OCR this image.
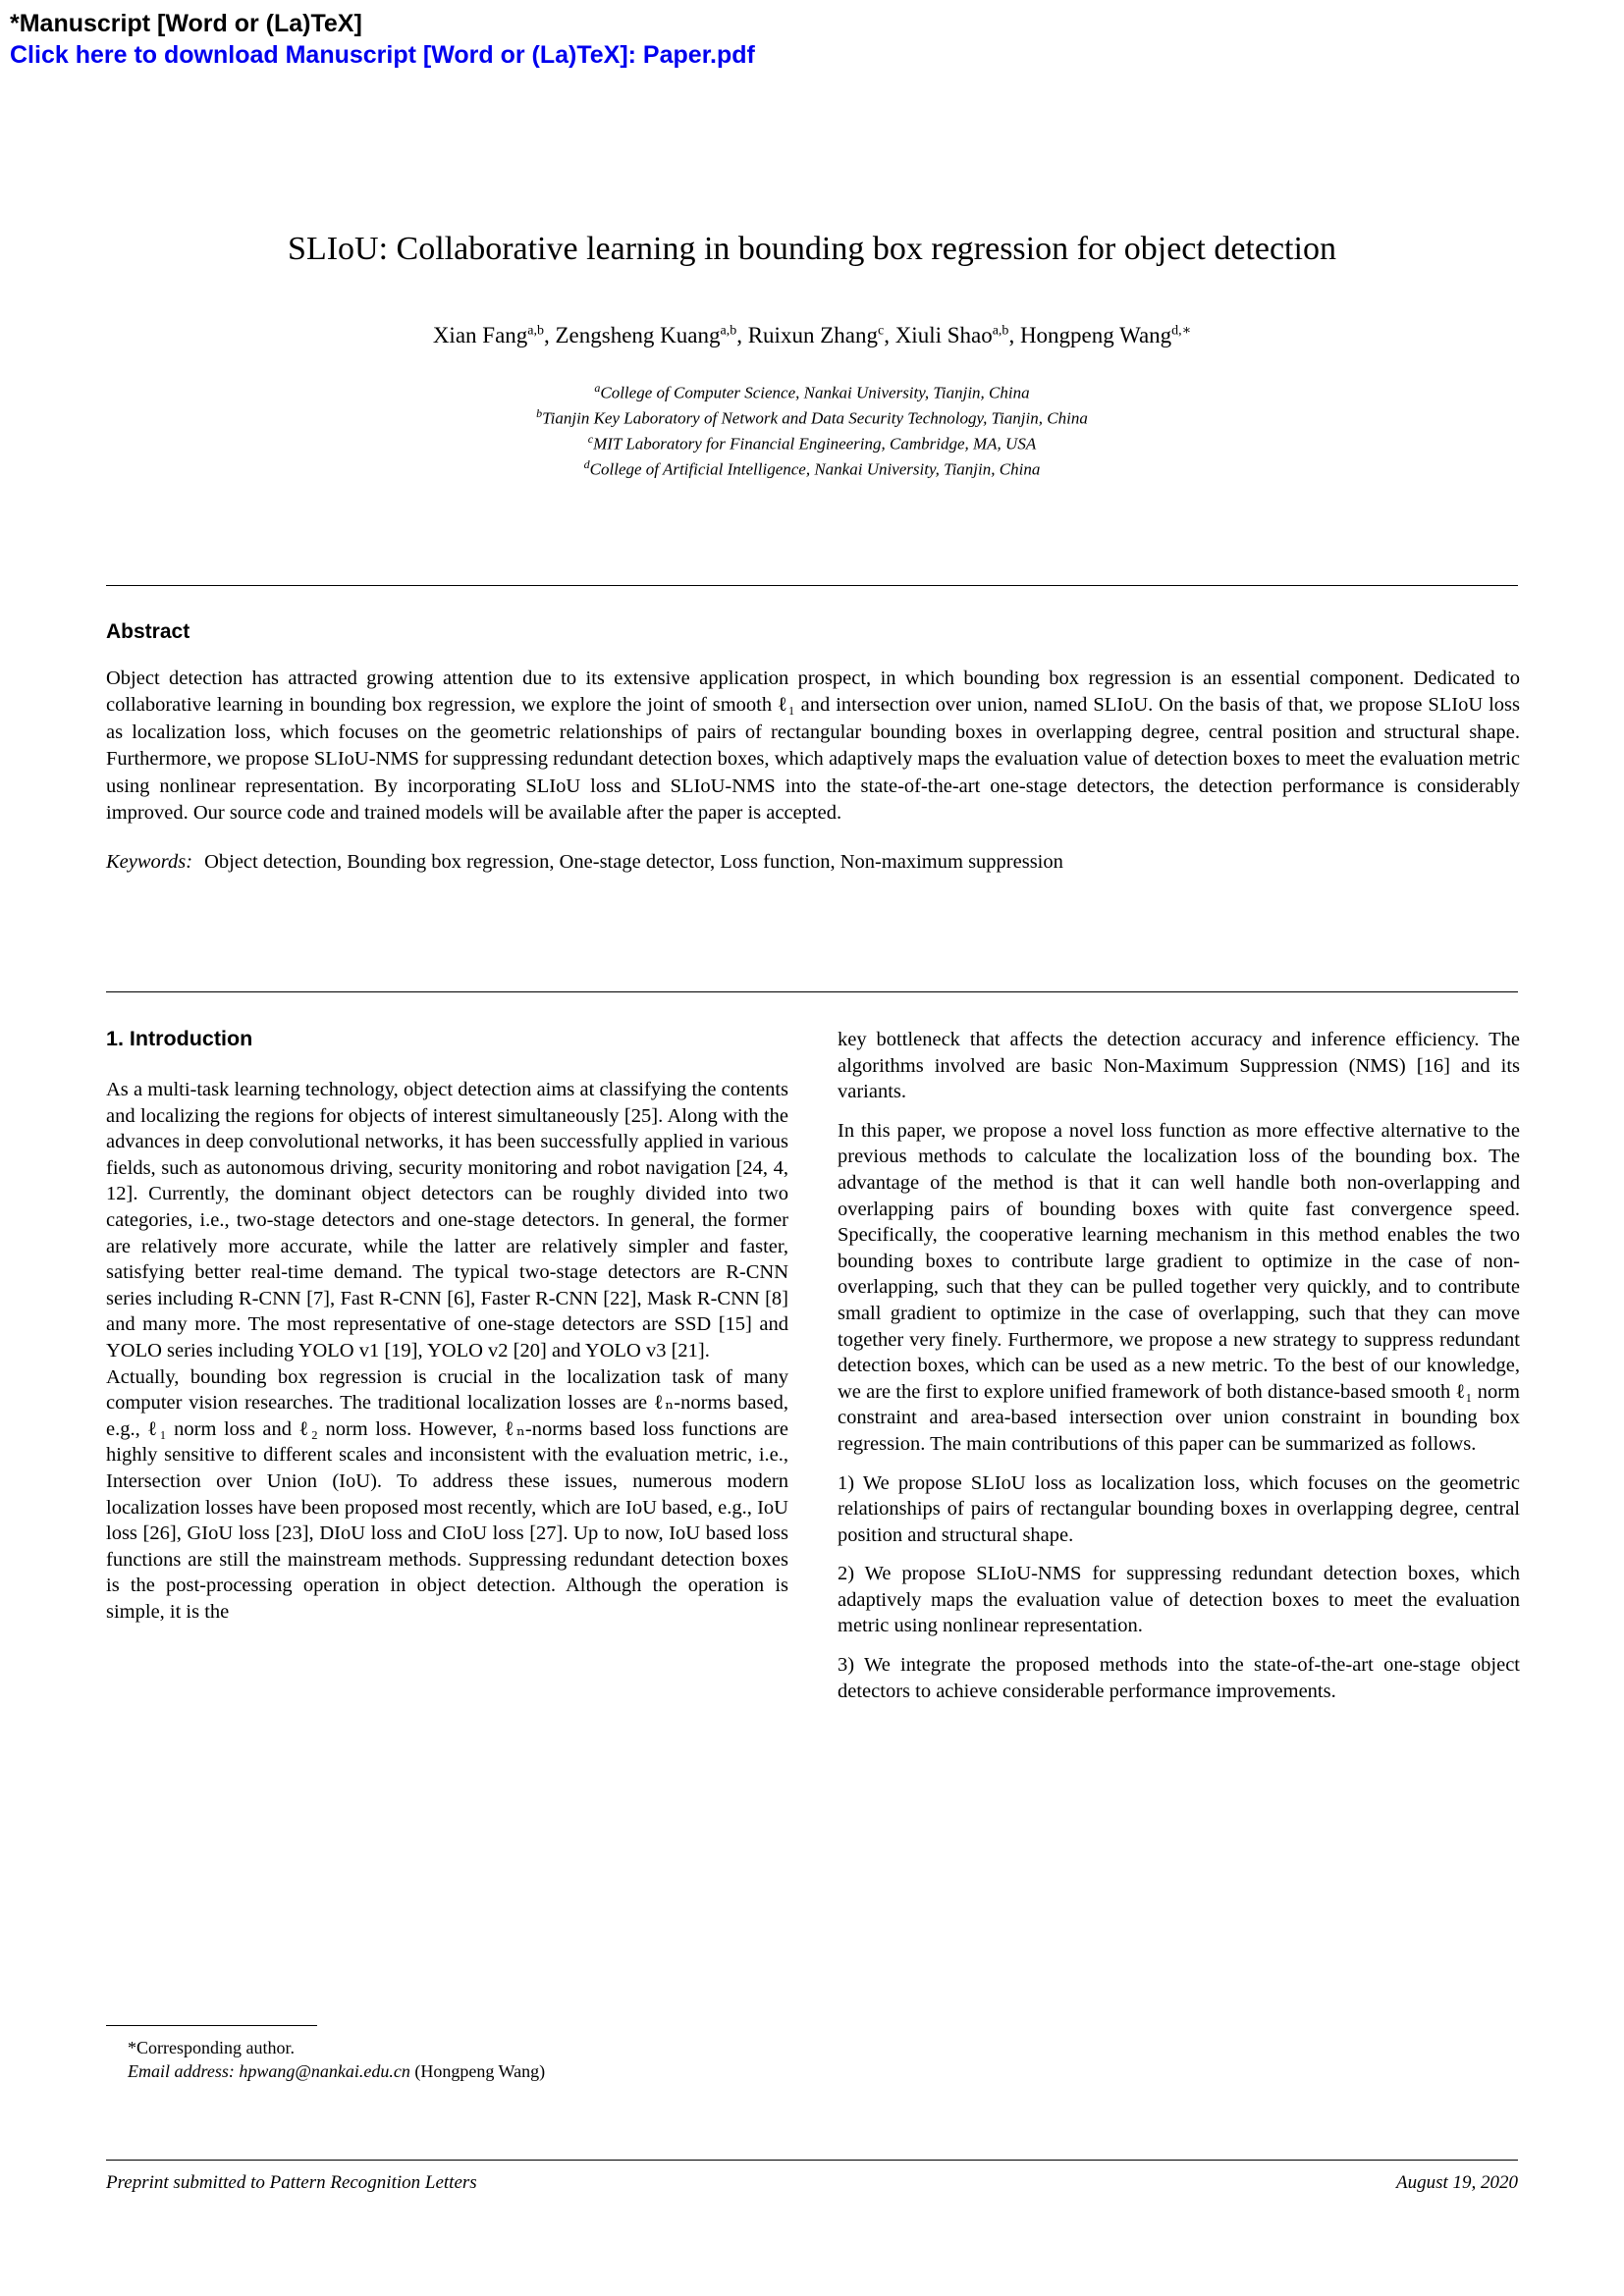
*Manuscript [Word or (La)TeX]
Click here to download Manuscript [Word or (La)TeX]: Paper.pdf
SLIoU: Collaborative learning in bounding box regression for object detection
Xian Fang$^{a,b}$, Zengsheng Kuang$^{a,b}$, Ruixun Zhang$^c$, Xiuli Shao$^{a,b}$, Hongpeng Wang$^{d,∗}$
$^a$College of Computer Science, Nankai University, Tianjin, China
$^b$Tianjin Key Laboratory of Network and Data Security Technology, Tianjin, China
$^c$MIT Laboratory for Financial Engineering, Cambridge, MA, USA
$^d$College of Artificial Intelligence, Nankai University, Tianjin, China
Abstract

Object detection has attracted growing attention due to its extensive application prospect, in which bounding box regression is an essential component. Dedicated to collaborative learning in bounding box regression, we explore the joint of smooth ℓ₁ and intersection over union, named SLIoU. On the basis of that, we propose SLIoU loss as localization loss, which focuses on the geometric relationships of pairs of rectangular bounding boxes in overlapping degree, central position and structural shape. Furthermore, we propose SLIoU-NMS for suppressing redundant detection boxes, which adaptively maps the evaluation value of detection boxes to meet the evaluation metric using nonlinear representation. By incorporating SLIoU loss and SLIoU-NMS into the state-of-the-art one-stage detectors, the detection performance is considerably improved. Our source code and trained models will be available after the paper is accepted.

Keywords: Object detection, Bounding box regression, One-stage detector, Loss function, Non-maximum suppression
1. Introduction

As a multi-task learning technology, object detection aims at classifying the contents and localizing the regions for objects of interest simultaneously [25]. Along with the advances in deep convolutional networks, it has been successfully applied in various fields, such as autonomous driving, security monitoring and robot navigation [24, 4, 12]. Currently, the dominant object detectors can be roughly divided into two categories, i.e., two-stage detectors and one-stage detectors. In general, the former are relatively more accurate, while the latter are relatively simpler and faster, satisfying better real-time demand. The typical two-stage detectors are R-CNN series including R-CNN [7], Fast R-CNN [6], Faster R-CNN [22], Mask R-CNN [8] and many more. The most representative of one-stage detectors are SSD [15] and YOLO series including YOLO v1 [19], YOLO v2 [20] and YOLO v3 [21].

Actually, bounding box regression is crucial in the localization task of many computer vision researches. The traditional localization losses are ℓₙ-norms based, e.g., ℓ₁ norm loss and ℓ₂ norm loss. However, ℓₙ-norms based loss functions are highly sensitive to different scales and inconsistent with the evaluation metric, i.e., Intersection over Union (IoU). To address these issues, numerous modern localization losses have been proposed most recently, which are IoU based, e.g., IoU loss [26], GIoU loss [23], DIoU loss and CIoU loss [27]. Up to now, IoU based loss functions are still the mainstream methods. Suppressing redundant detection boxes is the post-processing operation in object detection. Although the operation is simple, it is the

key bottleneck that affects the detection accuracy and inference efficiency. The algorithms involved are basic Non-Maximum Suppression (NMS) [16] and its variants.

In this paper, we propose a novel loss function as more effective alternative to the previous methods to calculate the localization loss of the bounding box. The advantage of the method is that it can well handle both non-overlapping and overlapping pairs of bounding boxes with quite fast convergence speed. Specifically, the cooperative learning mechanism in this method enables the two bounding boxes to contribute large gradient to optimize in the case of non-overlapping, such that they can be pulled together very quickly, and to contribute small gradient to optimize in the case of overlapping, such that they can move together very finely. Furthermore, we propose a new strategy to suppress redundant detection boxes, which can be used as a new metric. To the best of our knowledge, we are the first to explore unified framework of both distance-based smooth ℓ₁ norm constraint and area-based intersection over union constraint in bounding box regression. The main contributions of this paper can be summarized as follows.

1) We propose SLIoU loss as localization loss, which focuses on the geometric relationships of pairs of rectangular bounding boxes in overlapping degree, central position and structural shape.

2) We propose SLIoU-NMS for suppressing redundant detection boxes, which adaptively maps the evaluation value of detection boxes to meet the evaluation metric using nonlinear representation.

3) We integrate the proposed methods into the state-of-the-art one-stage object detectors to achieve considerable performance improvements.

*Corresponding author.
Email address: hpwang@nankai.edu.cn (Hongpeng Wang)
Preprint submitted to Pattern Recognition Letters	August 19, 2020
